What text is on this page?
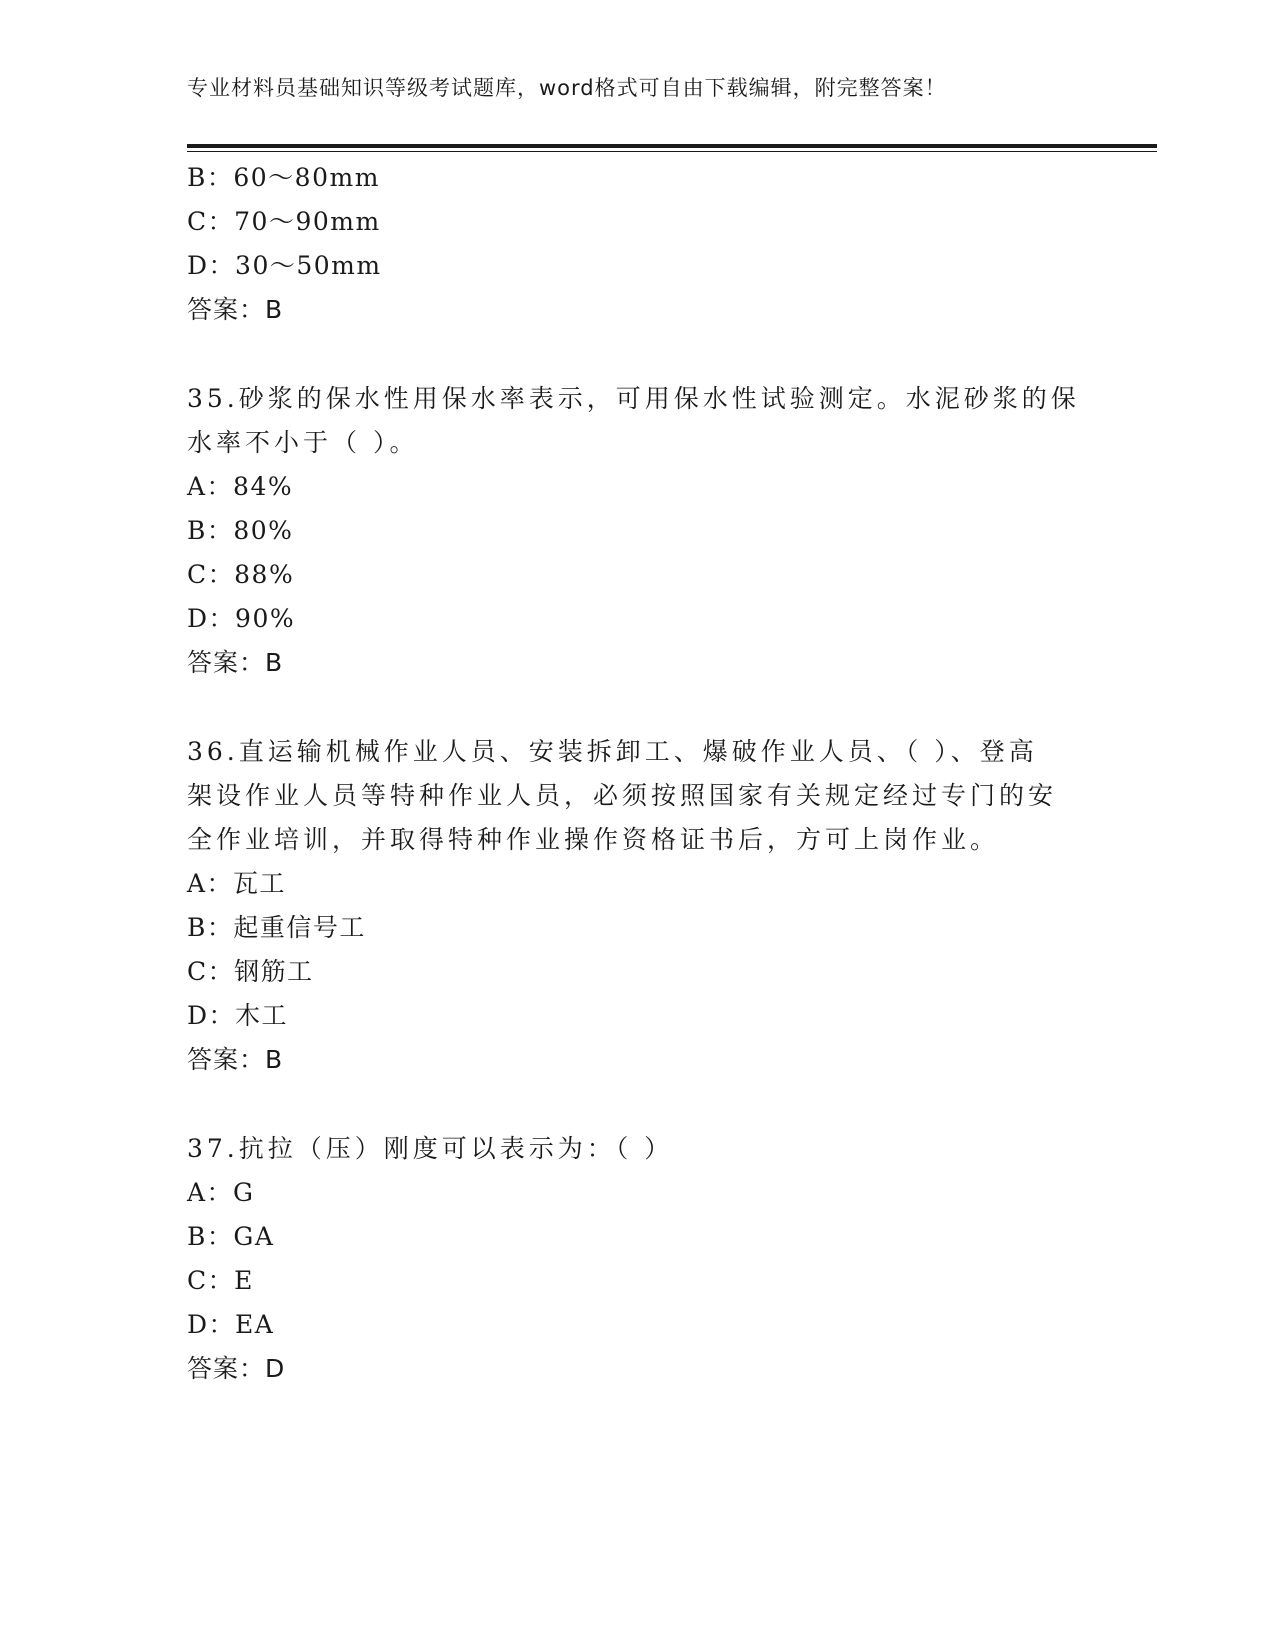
专业材料员基础知识等级考试题库，word格式可自由下载编辑，附完整答案！
B：60～80mm
C：70～90mm
D：30～50mm
答案：B
35.砂浆的保水性用保水率表示，可用保水性试验测定。水泥砂浆的保
水率不小于（ ）。
A：84%
B：80%
C：88%
D：90%
答案：B
36.直运输机械作业人员、安装拆卸工、爆破作业人员、（ ）、登高
架设作业人员等特种作业人员，必须按照国家有关规定经过专门的安
全作业培训，并取得特种作业操作资格证书后，方可上岗作业。
A：瓦工
B：起重信号工
C：钢筋工
D：木工
答案：B
37.抗拉（压）刚度可以表示为：（ ）
A：G
B：GA
C：E
D：EA
答案：D
